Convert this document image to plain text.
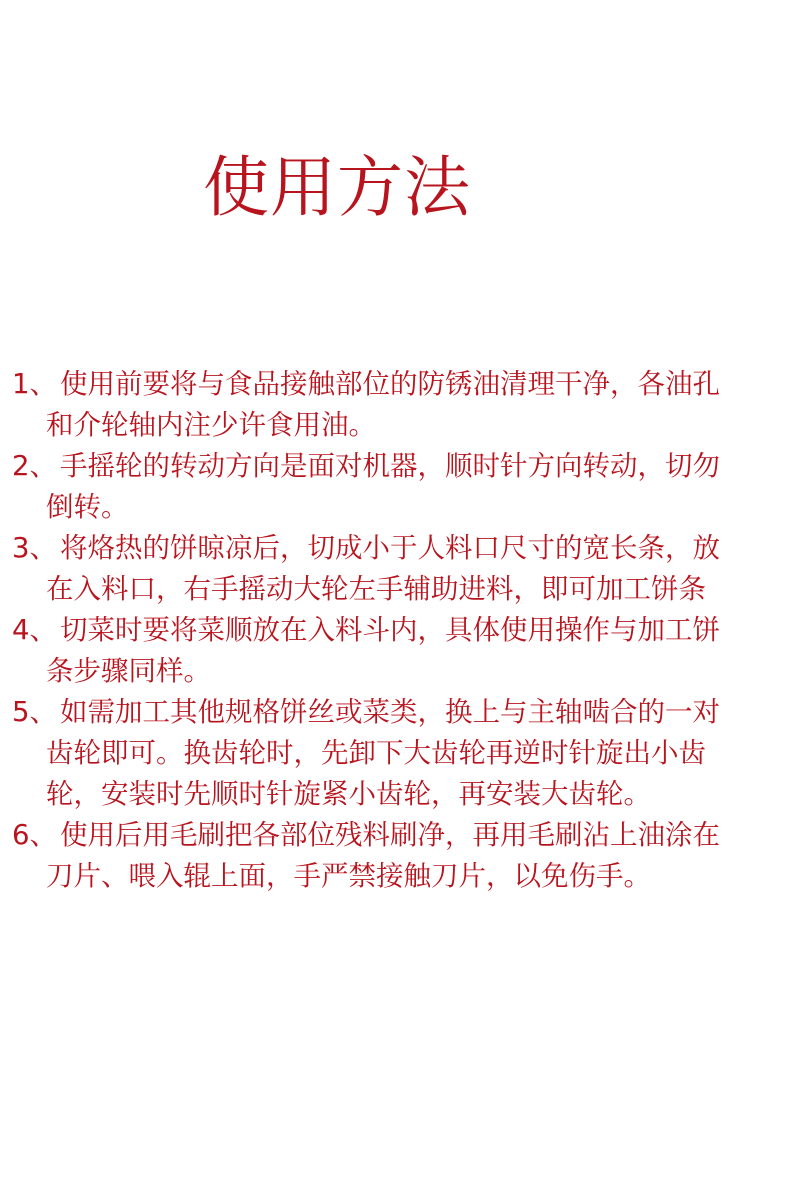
使用方法
1、 使用前要将与食品接触部位的防锈油清理干净，各油孔
和介轮轴内注少许食用油。
2、 手摇轮的转动方向是面对机器，顺时针方向转动，切勿
倒转。
3、 将烙热的饼晾凉后，切成小于人料口尺寸的宽长条，放
在入料口，右手摇动大轮左手辅助进料，即可加工饼条
4、 切菜时要将菜顺放在入料斗内，具体使用操作与加工饼
条步骤同样。
5、 如需加工其他规格饼丝或菜类，换上与主轴啮合的一对
齿轮即可。换齿轮时，先卸下大齿轮再逆时针旋出小齿
轮，安装时先顺时针旋紧小齿轮，再安装大齿轮。
6、 使用后用毛刷把各部位残料刷净，再用毛刷沾上油涂在
刀片、喂入辊上面，手严禁接触刀片，以免伤手。
